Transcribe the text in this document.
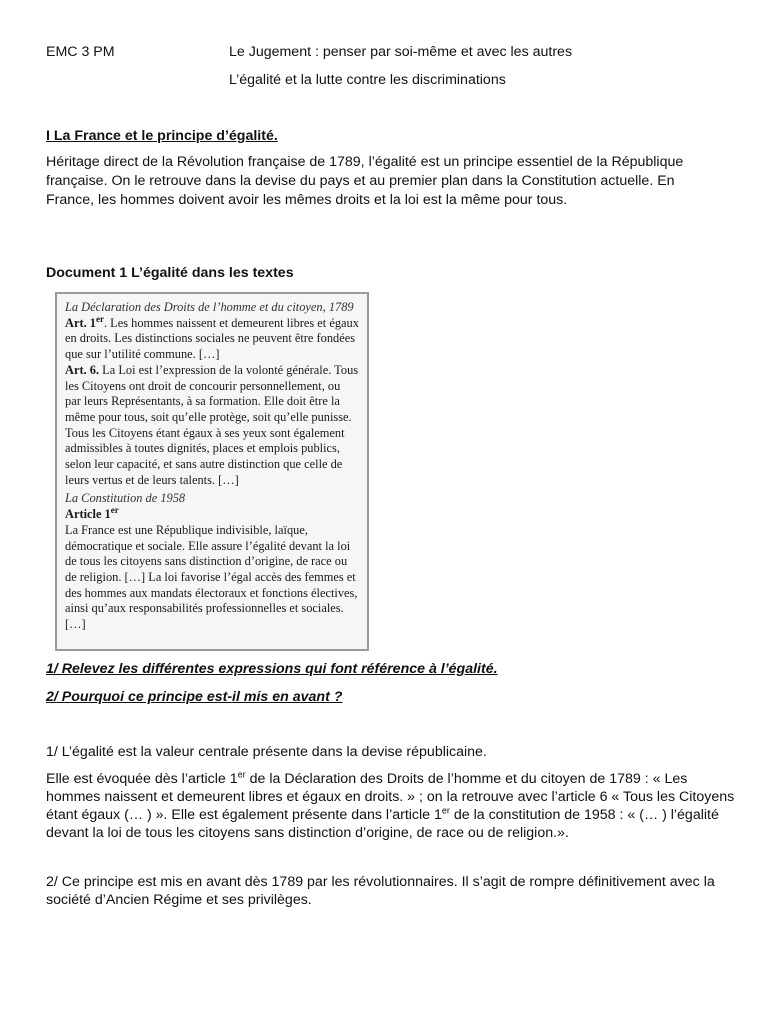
EMC 3 PM	Le Jugement : penser par soi-même et avec les autres
L’égalité et la lutte contre les discriminations
I La France et le principe d’égalité.

Héritage direct de la Révolution française de 1789, l’égalité est un principe essentiel de la République française. On le retrouve dans la devise du pays et au premier plan dans la Constitution actuelle. En France, les hommes doivent avoir les mêmes droits et la loi est la même pour tous.

Document 1 L’égalité dans les textes
La Déclaration des Droits de l’homme et du citoyen, 1789
Art. 1er. Les hommes naissent et demeurent libres et égaux en droits. Les distinctions sociales ne peuvent être fondées que sur l’utilité commune. […]
Art. 6. La Loi est l’expression de la volonté générale. Tous les Citoyens ont droit de concourir personnellement, ou par leurs Représentants, à sa formation. Elle doit être la même pour tous, soit qu’elle protège, soit qu’elle punisse. Tous les Citoyens étant égaux à ses yeux sont également admissibles à toutes dignités, places et emplois publics, selon leur capacité, et sans autre distinction que celle de leurs vertus et de leurs talents. […]
La Constitution de 1958
Article 1er
La France est une République indivisible, laïque, démocratique et sociale. Elle assure l’égalité devant la loi de tous les citoyens sans distinction d’origine, de race ou de religion. […] La loi favorise l’égal accès des femmes et des hommes aux mandats électoraux et fonctions électives, ainsi qu’aux responsabilités professionnelles et sociales. […]
1/ Relevez les différentes expressions qui font référence à l’égalité.
2/ Pourquoi ce principe est-il mis en avant ?
1/ L’égalité est la valeur centrale présente dans la devise républicaine.

Elle est évoquée dès l’article 1er de la Déclaration des Droits de l’homme et du citoyen de 1789 : « Les hommes naissent et demeurent libres et égaux en droits. » ; on la retrouve avec l’article 6 « Tous les Citoyens étant égaux (… ) ». Elle est également présente dans l’article 1er de la constitution de 1958 : « (… ) l’égalité devant la loi de tous les citoyens sans distinction d’origine, de race ou de religion.».

2/ Ce principe est mis en avant dès 1789 par les révolutionnaires. Il s’agit de rompre définitivement avec la société d’Ancien Régime et ses privilèges.
